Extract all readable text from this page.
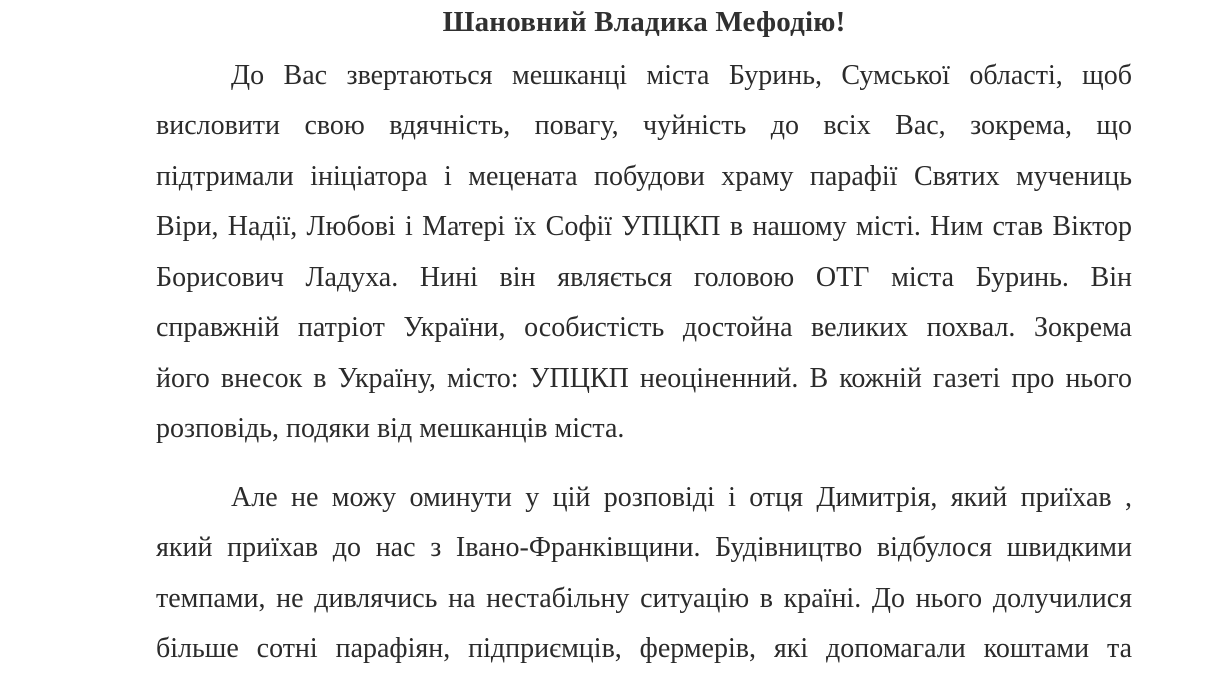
Шановний Владика Мефодію!
До Вас звертаються мешканці міста Буринь, Сумської області, щоб
висловити свою вдячність, повагу, чуйність до всіх Вас, зокрема, що
підтримали ініціатора і мецената побудови храму парафії Святих мучениць
Віри, Надії, Любові і Матері їх Софії УПЦКП в нашому місті. Ним став Віктор
Борисович Ладуха. Нині він являється головою ОТГ міста Буринь. Він
справжній патріот України, особистість достойна великих похвал. Зокрема
його внесок в Україну, місто: УПЦКП неоціненний. В кожній газеті про нього
розповідь, подяки від мешканців міста.
Але не можу оминути у цій розповіді і отця Димитрія, який приїхав ,
який приїхав до нас з Івано-Франківщини. Будівництво відбулося швидкими
темпами, не дивлячись на нестабільну ситуацію в країні. До нього долучилися
більше сотні парафіян, підприємців, фермерів, які допомагали коштами та
